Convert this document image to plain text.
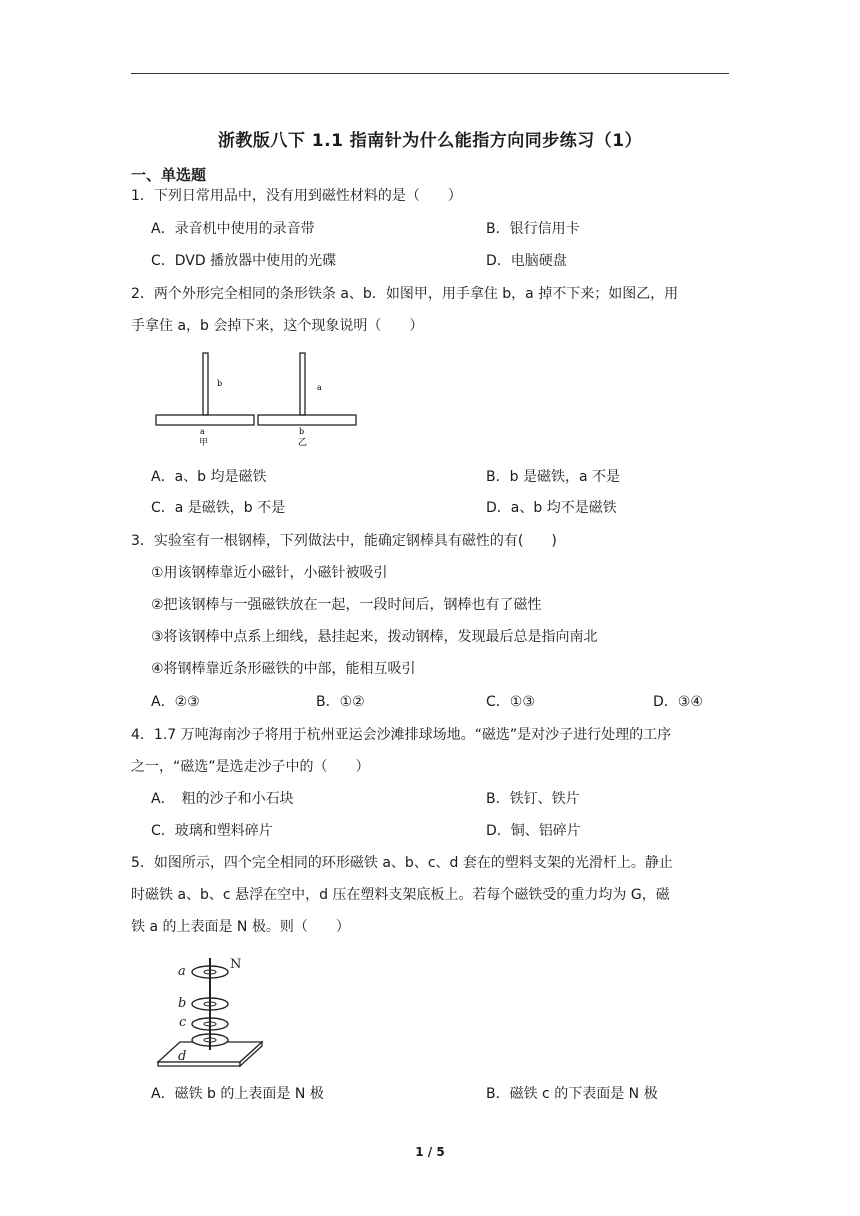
浙教版八下 1.1 指南针为什么能指方向同步练习（1）
一、单选题
1．下列日常用品中，没有用到磁性材料的是（　　）
A．录音机中使用的录音带	B．银行信用卡
C．DVD 播放器中使用的光碟	D．电脑硬盘
2．两个外形完全相同的条形铁条 a、b．如图甲，用手拿住 b，a 掉不下来；如图乙，用
手拿住 a，b 会掉下来，这个现象说明（　　）
b
a
甲
a
b
乙
A．a、b 均是磁铁	B．b 是磁铁，a 不是
C．a 是磁铁，b 不是	D．a、b 均不是磁铁
3．实验室有一根钢棒，下列做法中，能确定钢棒具有磁性的有(　　)
①用该钢棒靠近小磁针，小磁针被吸引
②把该钢棒与一强磁铁放在一起，一段时间后，钢棒也有了磁性
③将该钢棒中点系上细线，悬挂起来，拨动钢棒，发现最后总是指向南北
④将钢棒靠近条形磁铁的中部，能相互吸引
A．②③	B．①②	C．①③	D．③④
4．1.7 万吨海南沙子将用于杭州亚运会沙滩排球场地。“磁选”是对沙子进行处理的工序
之一，“磁选”是选走沙子中的（　　）
A．　粗的沙子和小石块	B．铁钉、铁片
C．玻璃和塑料碎片	D．铜、铝碎片
5．如图所示，四个完全相同的环形磁铁 a、b、c、d 套在的塑料支架的光滑杆上。静止
时磁铁 a、b、c 悬浮在空中，d 压在塑料支架底板上。若每个磁铁受的重力均为 G，磁
铁 a 的上表面是 N 极。则（　　）
a
b
c
d
N
A．磁铁 b 的上表面是 N 极	B．磁铁 c 的下表面是 N 极
1 / 5
